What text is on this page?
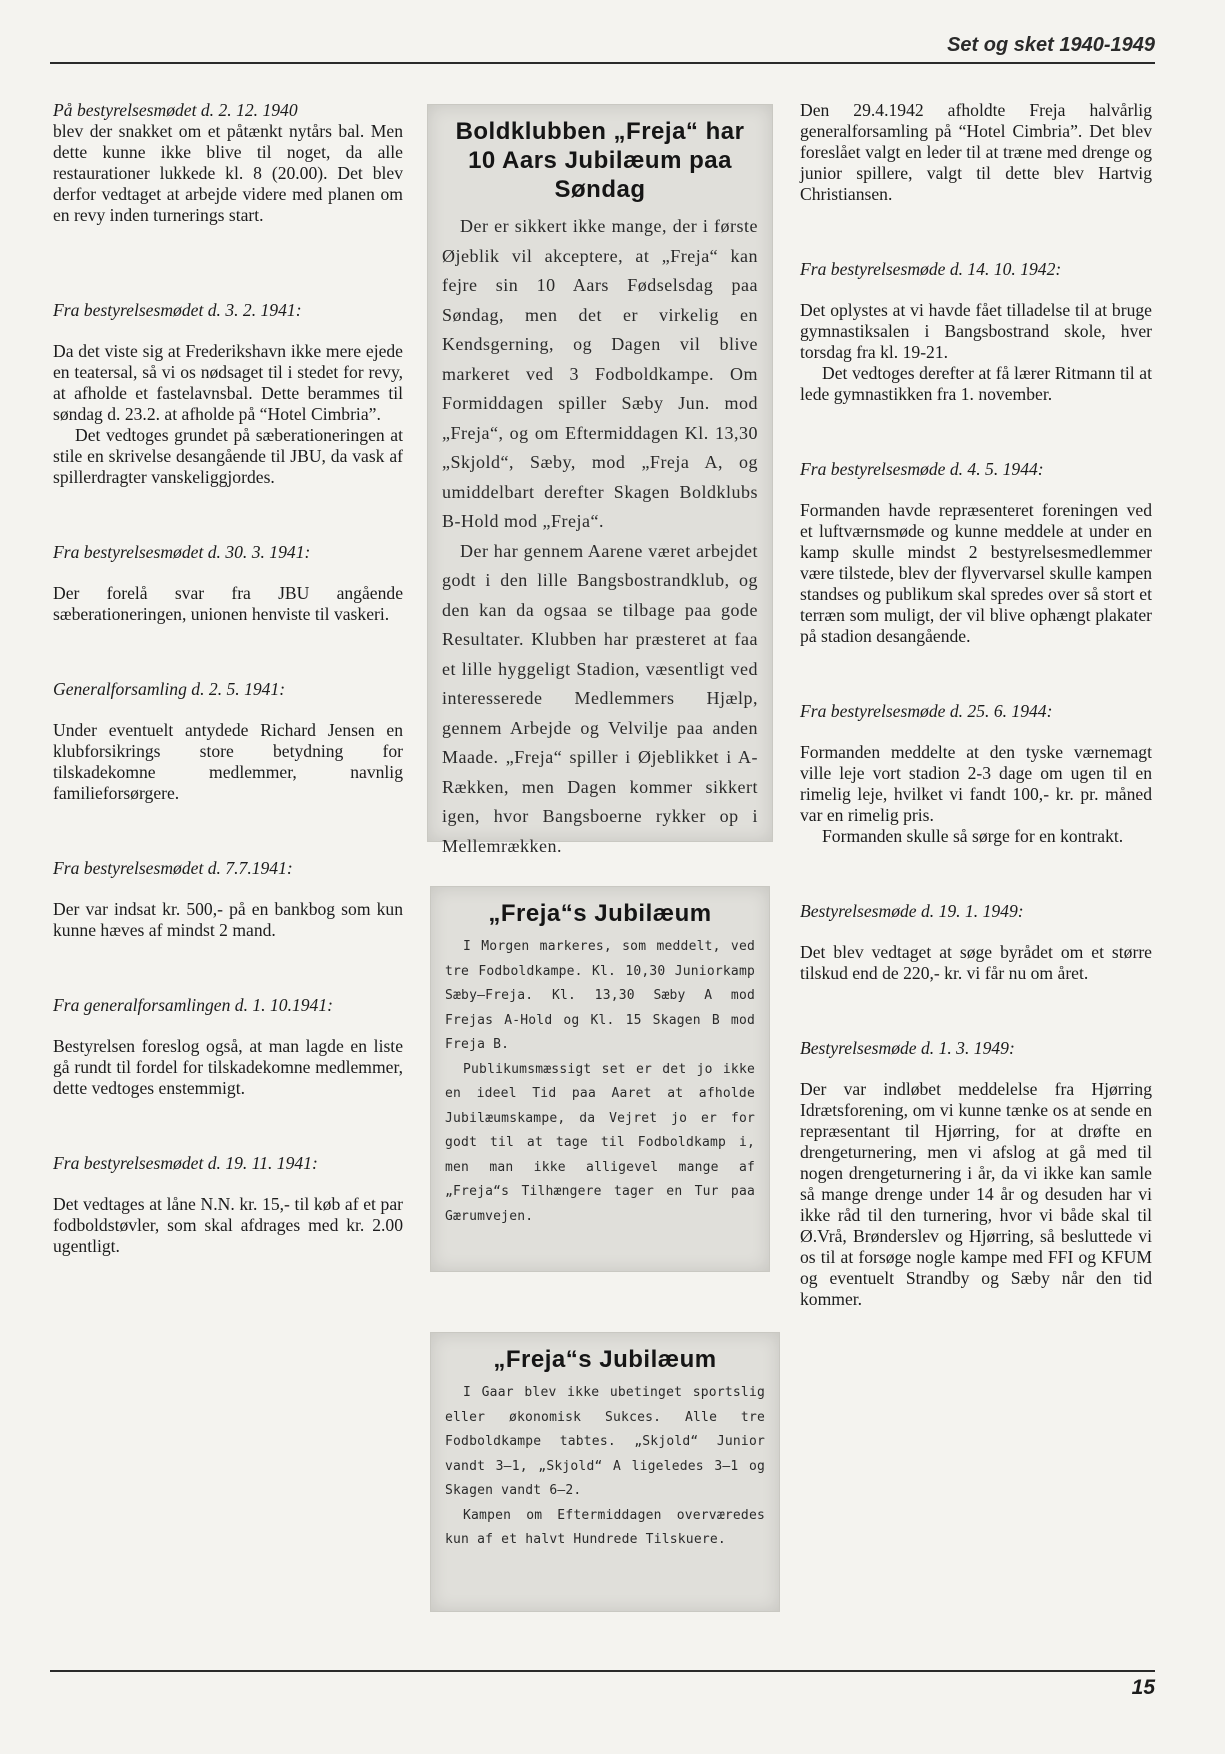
Set og sket 1940-1949

På bestyrelsesmødet d. 2. 12. 1940

blev der snakket om et påtænkt nytårs bal. Men dette kunne ikke blive til noget, da alle restaurationer lukkede kl. 8 (20.00). Det blev derfor vedtaget at arbejde videre med planen om en revy inden turnerings start.

Fra bestyrelsesmødet d. 3. 2. 1941:

Da det viste sig at Frederikshavn ikke mere ejede en teatersal, så vi os nødsaget til i stedet for revy, at afholde et fastelavnsbal. Dette berammes til søndag d. 23.2. at afholde på “Hotel Cimbria”.

Det vedtoges grundet på sæberationeringen at stile en skrivelse desangående til JBU, da vask af spillerdragter vanskeliggjordes.

Fra bestyrelsesmødet d. 30. 3. 1941:

Der forelå svar fra JBU angående sæberationeringen, unionen henviste til vaskeri.

Generalforsamling d. 2. 5. 1941:

Under eventuelt antydede Richard Jensen en klubforsikrings store betydning for tilskadekomne medlemmer, navnlig familieforsørgere.

Fra bestyrelsesmødet d. 7.7.1941:

Der var indsat kr. 500,- på en bankbog som kun kunne hæves af mindst 2 mand.

Fra generalforsamlingen d. 1. 10.1941:

Bestyrelsen foreslog også, at man lagde en liste gå rundt til fordel for tilskadekomne medlemmer, dette vedtoges enstemmigt.

Fra bestyrelsesmødet d. 19. 11. 1941:

Det vedtages at låne N.N. kr. 15,- til køb af et par fodboldstøvler, som skal afdrages med kr. 2.00 ugentligt.

Boldklubben „Freja“ har
10 Aars Jubilæum paa Søndag

Der er sikkert ikke mange, der i første Øjeblik vil akceptere, at „Freja“ kan fejre sin 10 Aars Fødselsdag paa Søndag, men det er virkelig en Kendsgerning, og Dagen vil blive markeret ved 3 Fodboldkampe. Om Formiddagen spiller Sæby Jun. mod „Freja“, og om Eftermiddagen Kl. 13,30 „Skjold“, Sæby, mod „Freja A, og umiddelbart derefter Skagen Boldklubs B-Hold mod „Freja“.

Der har gennem Aarene været arbejdet godt i den lille Bangsbostrandklub, og den kan da ogsaa se tilbage paa gode Resultater. Klubben har præsteret at faa et lille hyggeligt Stadion, væsentligt ved interesserede Medlemmers Hjælp, gennem Arbejde og Velvilje paa anden Maade. „Freja“ spiller i Øjeblikket i A-Rækken, men Dagen kommer sikkert igen, hvor Bangsboerne rykker op i Mellemrækken.

„Freja“s Jubilæum

I Morgen markeres, som meddelt, ved tre Fodboldkampe. Kl. 10,30 Juniorkamp Sæby—Freja. Kl. 13,30 Sæby A mod Frejas A-Hold og Kl. 15 Skagen B mod Freja B.

Publikumsmæssigt set er det jo ikke en ideel Tid paa Aaret at afholde Jubilæumskampe, da Vejret jo er for godt til at tage til Fodboldkamp i, men man ikke alligevel mange af „Freja“s Tilhængere tager en Tur paa Gærumvejen.

„Freja“s Jubilæum

I Gaar blev ikke ubetinget sportslig eller økonomisk Sukces. Alle tre Fodboldkampe tabtes. „Skjold“ Junior vandt 3—1, „Skjold“ A ligeledes 3—1 og Skagen vandt 6—2.

Kampen om Eftermiddagen overværedes kun af et halvt Hundrede Tilskuere.

Den 29.4.1942 afholdte Freja halvårlig generalforsamling på “Hotel Cimbria”. Det blev foreslået valgt en leder til at træne med drenge og junior spillere, valgt til dette blev Hartvig Christiansen.

Fra bestyrelsesmøde d. 14. 10. 1942:

Det oplystes at vi havde fået tilladelse til at bruge gymnastiksalen i Bangsbostrand skole, hver torsdag fra kl. 19-21.

Det vedtoges derefter at få lærer Ritmann til at lede gymnastikken fra 1. november.

Fra bestyrelsesmøde d. 4. 5. 1944:

Formanden havde repræsenteret foreningen ved et luftværnsmøde og kunne meddele at under en kamp skulle mindst 2 bestyrelsesmedlemmer være tilstede, blev der flyvervarsel skulle kampen standses og publikum skal spredes over så stort et terræn som muligt, der vil blive ophængt plakater på stadion desangående.

Fra bestyrelsesmøde d. 25. 6. 1944:

Formanden meddelte at den tyske værnemagt ville leje vort stadion 2-3 dage om ugen til en rimelig leje, hvilket vi fandt 100,- kr. pr. måned var en rimelig pris.

Formanden skulle så sørge for en kontrakt.

Bestyrelsesmøde d. 19. 1. 1949:

Det blev vedtaget at søge byrådet om et større tilskud end de 220,- kr. vi får nu om året.

Bestyrelsesmøde d. 1. 3. 1949:

Der var indløbet meddelelse fra Hjørring Idrætsforening, om vi kunne tænke os at sende en repræsentant til Hjørring, for at drøfte en drengeturnering, men vi afslog at gå med til nogen drengeturnering i år, da vi ikke kan samle så mange drenge under 14 år og desuden har vi ikke råd til den turnering, hvor vi både skal til Ø.Vrå, Brønderslev og Hjørring, så besluttede vi os til at forsøge nogle kampe med FFI og KFUM og eventuelt Strandby og Sæby når den tid kommer.

15
